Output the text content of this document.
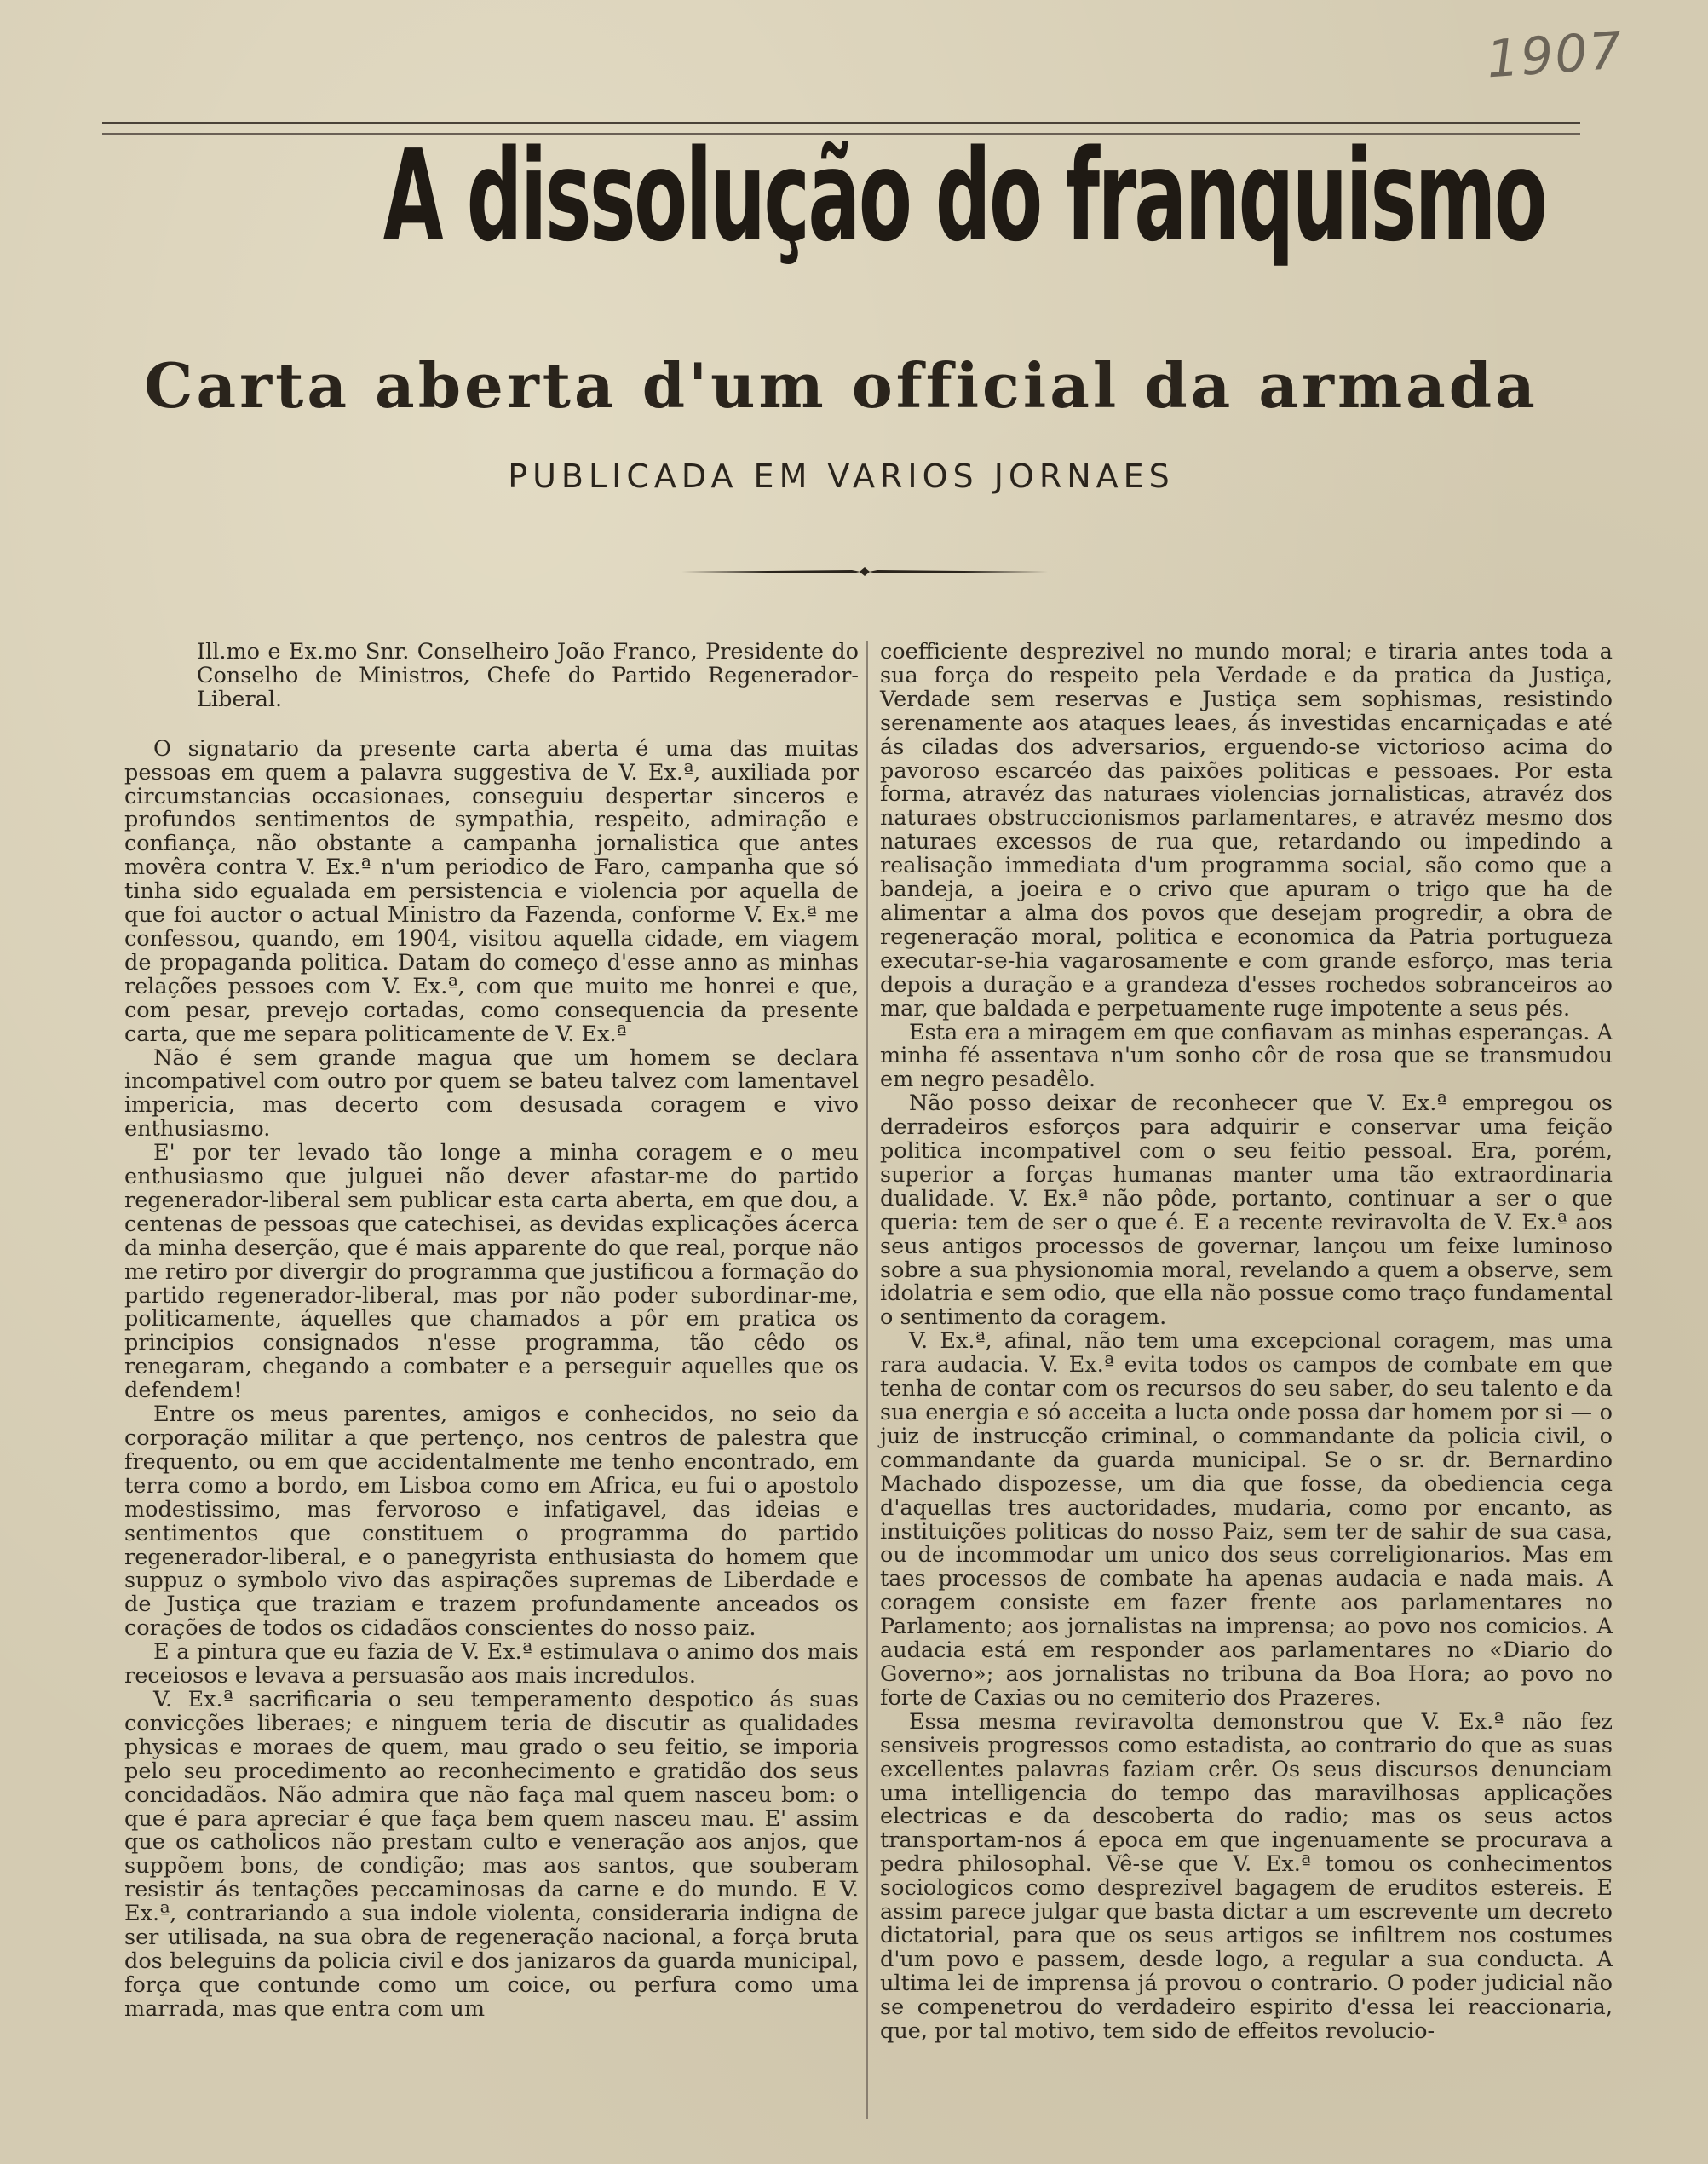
1907
A dissolução do franquismo
Carta aberta d'um official da armada
PUBLICADA EM VARIOS JORNAES

Ill.mo e Ex.mo Snr. Conselheiro João Franco, Presidente do Conselho de Ministros, Chefe do Partido Regenerador-Liberal.

O signatario da presente carta aberta é uma das muitas pessoas em quem a palavra suggestiva de V. Ex.ª, auxiliada por circumstancias occasionaes, conseguiu despertar sinceros e profundos sentimentos de sympathia, respeito, admiração e confiança, não obstante a campanha jornalistica que antes movêra contra V. Ex.ª n'um periodico de Faro, campanha que só tinha sido egualada em persistencia e violencia por aquella de que foi auctor o actual Ministro da Fazenda, conforme V. Ex.ª me confessou, quando, em 1904, visitou aquella cidade, em viagem de propaganda politica. Datam do começo d'esse anno as minhas relações pessoes com V. Ex.ª, com que muito me honrei e que, com pesar, prevejo cortadas, como consequencia da presente carta, que me separa politicamente de V. Ex.ª

Não é sem grande magua que um homem se declara incompativel com outro por quem se bateu talvez com lamentavel impericia, mas decerto com desusada coragem e vivo enthusiasmo.

E' por ter levado tão longe a minha coragem e o meu enthusiasmo que julguei não dever afastar-me do partido regenerador-liberal sem publicar esta carta aberta, em que dou, a centenas de pessoas que catechisei, as devidas explicações ácerca da minha deserção, que é mais apparente do que real, porque não me retiro por divergir do programma que justificou a formação do partido regenerador-liberal, mas por não poder subordinar-me, politicamente, áquelles que chamados a pôr em pratica os principios consignados n'esse programma, tão cêdo os renegaram, chegando a combater e a perseguir aquelles que os defendem!

Entre os meus parentes, amigos e conhecidos, no seio da corporação militar a que pertenço, nos centros de palestra que frequento, ou em que accidentalmente me tenho encontrado, em terra como a bordo, em Lisboa como em Africa, eu fui o apostolo modestissimo, mas fervoroso e infatigavel, das ideias e sentimentos que constituem o programma do partido regenerador-liberal, e o panegyrista enthusiasta do homem que suppuz o symbolo vivo das aspirações supremas de Liberdade e de Justiça que traziam e trazem profundamente anceados os corações de todos os cidadãos conscientes do nosso paiz.

E a pintura que eu fazia de V. Ex.ª estimulava o animo dos mais receiosos e levava a persuasão aos mais incredulos.

V. Ex.ª sacrificaria o seu temperamento despotico ás suas convicções liberaes; e ninguem teria de discutir as qualidades physicas e moraes de quem, mau grado o seu feitio, se imporia pelo seu procedimento ao reconhecimento e gratidão dos seus concidadãos. Não admira que não faça mal quem nasceu bom: o que é para apreciar é que faça bem quem nasceu mau. E' assim que os catholicos não prestam culto e veneração aos anjos, que suppõem bons, de condição; mas aos santos, que souberam resistir ás tentações peccaminosas da carne e do mundo. E V. Ex.ª, contrariando a sua indole violenta, consideraria indigna de ser utilisada, na sua obra de regeneração nacional, a força bruta dos beleguins da policia civil e dos janizaros da guarda municipal, força que contunde como um coice, ou perfura como uma marrada, mas que entra com um

coefficiente desprezivel no mundo moral; e tiraria antes toda a sua força do respeito pela Verdade e da pratica da Justiça, Verdade sem reservas e Justiça sem sophismas, resistindo serenamente aos ataques leaes, ás investidas encarniçadas e até ás ciladas dos adversarios, erguendo-se victorioso acima do pavoroso escarcéo das paixões politicas e pessoaes. Por esta forma, atravéz das naturaes violencias jornalisticas, atravéz dos naturaes obstruccionismos parlamentares, e atravéz mesmo dos naturaes excessos de rua que, retardando ou impedindo a realisação immediata d'um programma social, são como que a bandeja, a joeira e o crivo que apuram o trigo que ha de alimentar a alma dos povos que desejam progredir, a obra de regeneração moral, politica e economica da Patria portugueza executar-se-hia vagarosamente e com grande esforço, mas teria depois a duração e a grandeza d'esses rochedos sobranceiros ao mar, que baldada e perpetuamente ruge impotente a seus pés.

Esta era a miragem em que confiavam as minhas esperanças. A minha fé assentava n'um sonho côr de rosa que se transmudou em negro pesadêlo.

Não posso deixar de reconhecer que V. Ex.ª empregou os derradeiros esforços para adquirir e conservar uma feição politica incompativel com o seu feitio pessoal. Era, porém, superior a forças humanas manter uma tão extraordinaria dualidade. V. Ex.ª não pôde, portanto, continuar a ser o que queria: tem de ser o que é. E a recente reviravolta de V. Ex.ª aos seus antigos processos de governar, lançou um feixe luminoso sobre a sua physionomia moral, revelando a quem a observe, sem idolatria e sem odio, que ella não possue como traço fundamental o sentimento da coragem.

V. Ex.ª, afinal, não tem uma excepcional coragem, mas uma rara audacia. V. Ex.ª evita todos os campos de combate em que tenha de contar com os recursos do seu saber, do seu talento e da sua energia e só acceita a lucta onde possa dar homem por si — o juiz de instrucção criminal, o commandante da policia civil, o commandante da guarda municipal. Se o sr. dr. Bernardino Machado dispozesse, um dia que fosse, da obediencia cega d'aquellas tres auctoridades, mudaria, como por encanto, as instituições politicas do nosso Paiz, sem ter de sahir de sua casa, ou de incommodar um unico dos seus correligionarios. Mas em taes processos de combate ha apenas audacia e nada mais. A coragem consiste em fazer frente aos parlamentares no Parlamento; aos jornalistas na imprensa; ao povo nos comicios. A audacia está em responder aos parlamentares no «Diario do Governo»; aos jornalistas no tribuna da Boa Hora; ao povo no forte de Caxias ou no cemiterio dos Prazeres.

Essa mesma reviravolta demonstrou que V. Ex.ª não fez sensiveis progressos como estadista, ao contrario do que as suas excellentes palavras faziam crêr. Os seus discursos denunciam uma intelligencia do tempo das maravilhosas applicações electricas e da descoberta do radio; mas os seus actos transportam-nos á epoca em que ingenuamente se procurava a pedra philosophal. Vê-se que V. Ex.ª tomou os conhecimentos sociologicos como desprezivel bagagem de eruditos estereis. E assim parece julgar que basta dictar a um escrevente um decreto dictatorial, para que os seus artigos se infiltrem nos costumes d'um povo e passem, desde logo, a regular a sua conducta. A ultima lei de imprensa já provou o contrario. O poder judicial não se compenetrou do verdadeiro espirito d'essa lei reaccionaria, que, por tal motivo, tem sido de effeitos revolucio-
